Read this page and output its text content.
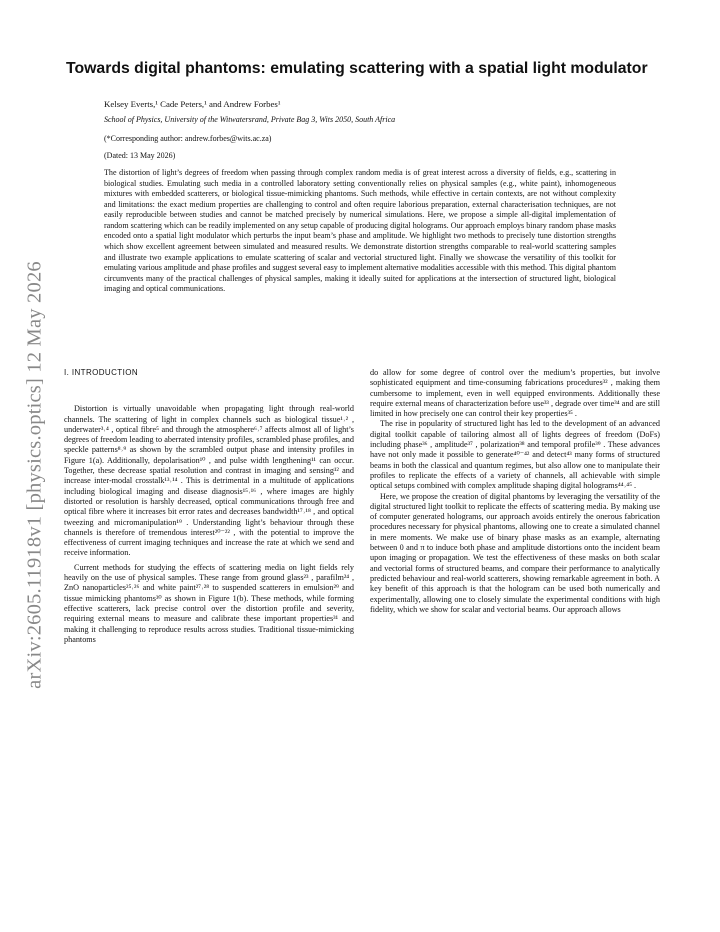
arXiv:2605.11918v1 [physics.optics] 12 May 2026
Towards digital phantoms: emulating scattering with a spatial light modulator
Kelsey Everts,¹ Cade Peters,¹ and Andrew Forbes¹
School of Physics, University of the Witwatersrand, Private Bag 3, Wits 2050, South Africa
(*Corresponding author: andrew.forbes@wits.ac.za)
(Dated: 13 May 2026)

The distortion of light’s degrees of freedom when passing through complex random media is of great interest across a diversity of fields, e.g., scattering in biological studies. Emulating such media in a controlled laboratory setting conventionally relies on physical samples (e.g., white paint), inhomogeneous mixtures with embedded scatterers, or biological tissue-mimicking phantoms. Such methods, while effective in certain contexts, are not without complexity and limitations: the exact medium properties are challenging to control and often require laborious preparation, external characterisation techniques, are not easily reproducible between studies and cannot be matched precisely by numerical simulations. Here, we propose a simple all-digital implementation of random scattering which can be readily implemented on any setup capable of producing digital holograms. Our approach employs binary random phase masks encoded onto a spatial light modulator which perturbs the input beam’s phase and amplitude. We highlight two methods to precisely tune distortion strengths which show excellent agreement between simulated and measured results. We demonstrate distortion strengths comparable to real-world scattering samples and illustrate two example applications to emulate scattering of scalar and vectorial structured light. Finally we showcase the versatility of this toolkit for emulating various amplitude and phase profiles and suggest several easy to implement alternative modalities accessible with this method. This digital phantom circumvents many of the practical challenges of physical samples, making it ideally suited for applications at the intersection of structured light, biological imaging and optical communications.

I. INTRODUCTION

Distortion is virtually unavoidable when propagating light through real-world channels. The scattering of light in complex channels such as biological tissue¹˒² , underwater³˒⁴ , optical fibre⁵ and through the atmosphere⁶˒⁷ affects almost all of light’s degrees of freedom leading to aberrated intensity profiles, scrambled phase profiles, and speckle patterns⁸˒⁹ as shown by the scrambled output phase and intensity profiles in Figure 1(a). Additionally, depolarisation¹⁰ , and pulse width lengthening¹¹ can occur. Together, these decrease spatial resolution and contrast in imaging and sensing¹² and increase inter-modal crosstalk¹³˒¹⁴ . This is detrimental in a multitude of applications including biological imaging and disease diagnosis¹⁵˒¹⁶ , where images are highly distorted or resolution is harshly decreased, optical communications through free and optical fibre where it increases bit error rates and decreases bandwidth¹⁷˒¹⁸ , and optical tweezing and micromanipulation¹⁹ . Understanding light’s behaviour through these channels is therefore of tremendous interest²⁰⁻²² , with the potential to improve the effectiveness of current imaging techniques and increase the rate at which we send and receive information.

Current methods for studying the effects of scattering media on light fields rely heavily on the use of physical samples. These range from ground glass²³ , parafilm²⁴ , ZnO nanoparticles²⁵˒²⁶ and white paint²⁷˒²⁸ to suspended scatterers in emulsion²⁹ and tissue mimicking phantoms³⁰ as shown in Figure 1(b). These methods, while forming effective scatterers, lack precise control over the distortion profile and severity, requiring external means to measure and calibrate these important properties³¹ and making it challenging to reproduce results across studies. Traditional tissue-mimicking phantoms

do allow for some degree of control over the medium’s properties, but involve sophisticated equipment and time-consuming fabrications procedures³² , making them cumbersome to implement, even in well equipped environments. Additionally these require external means of characterization before use³³ , degrade over time³⁴ and are still limited in how precisely one can control their key properties³⁵ .

The rise in popularity of structured light has led to the development of an advanced digital toolkit capable of tailoring almost all of lights degrees of freedom (DoFs) including phase³⁶ , amplitude³⁷ , polarization³⁸ and temporal profile³⁹ . These advances have not only made it possible to generate⁴⁰⁻⁴² and detect⁴³ many forms of structured beams in both the classical and quantum regimes, but also allow one to manipulate their profiles to replicate the effects of a variety of channels, all achievable with simple optical setups combined with complex amplitude shaping digital holograms⁴⁴˒⁴⁵ .

Here, we propose the creation of digital phantoms by leveraging the versatility of the digital structured light toolkit to replicate the effects of scattering media. By making use of computer generated holograms, our approach avoids entirely the onerous fabrication procedures necessary for physical phantoms, allowing one to create a simulated channel in mere moments. We make use of binary phase masks as an example, alternating between 0 and π to induce both phase and amplitude distortions onto the incident beam upon imaging or propagation. We test the effectiveness of these masks on both scalar and vectorial forms of structured beams, and compare their performance to analytically predicted behaviour and real-world scatterers, showing remarkable agreement in both. A key benefit of this approach is that the hologram can be used both numerically and experimentally, allowing one to closely simulate the experimental conditions with high fidelity, which we show for scalar and vectorial beams. Our approach allows
